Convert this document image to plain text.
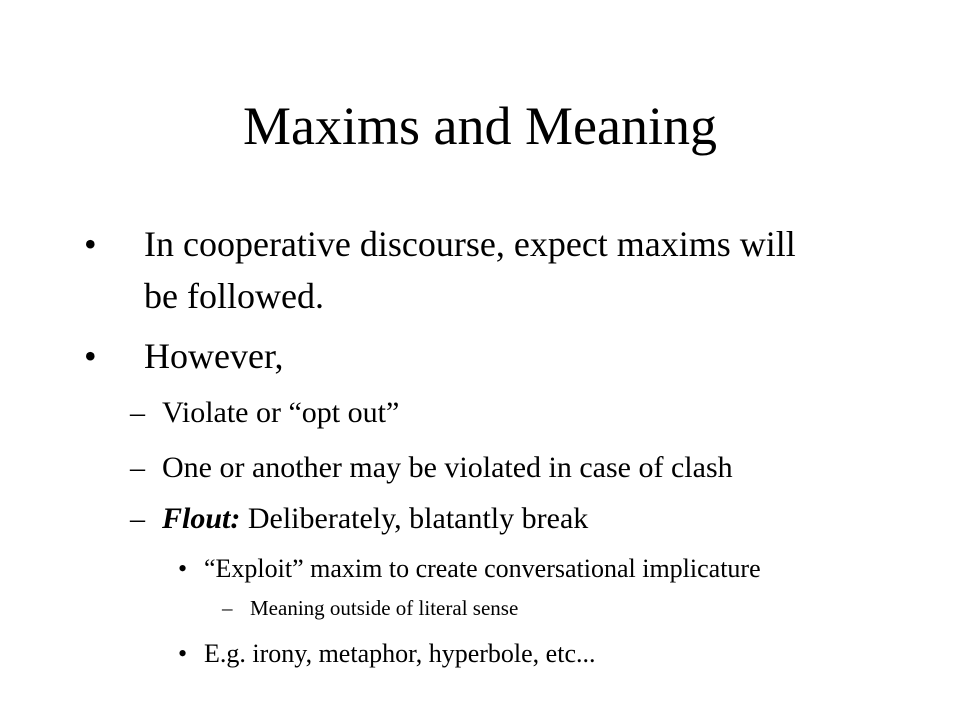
Maxims and Meaning
• In cooperative discourse, expect maxims will
be followed.
• However,
– Violate or “opt out”
– One or another may be violated in case of clash
– Flout: Deliberately, blatantly break
• “Exploit” maxim to create conversational implicature
– Meaning outside of literal sense
• E.g. irony, metaphor, hyperbole, etc...
